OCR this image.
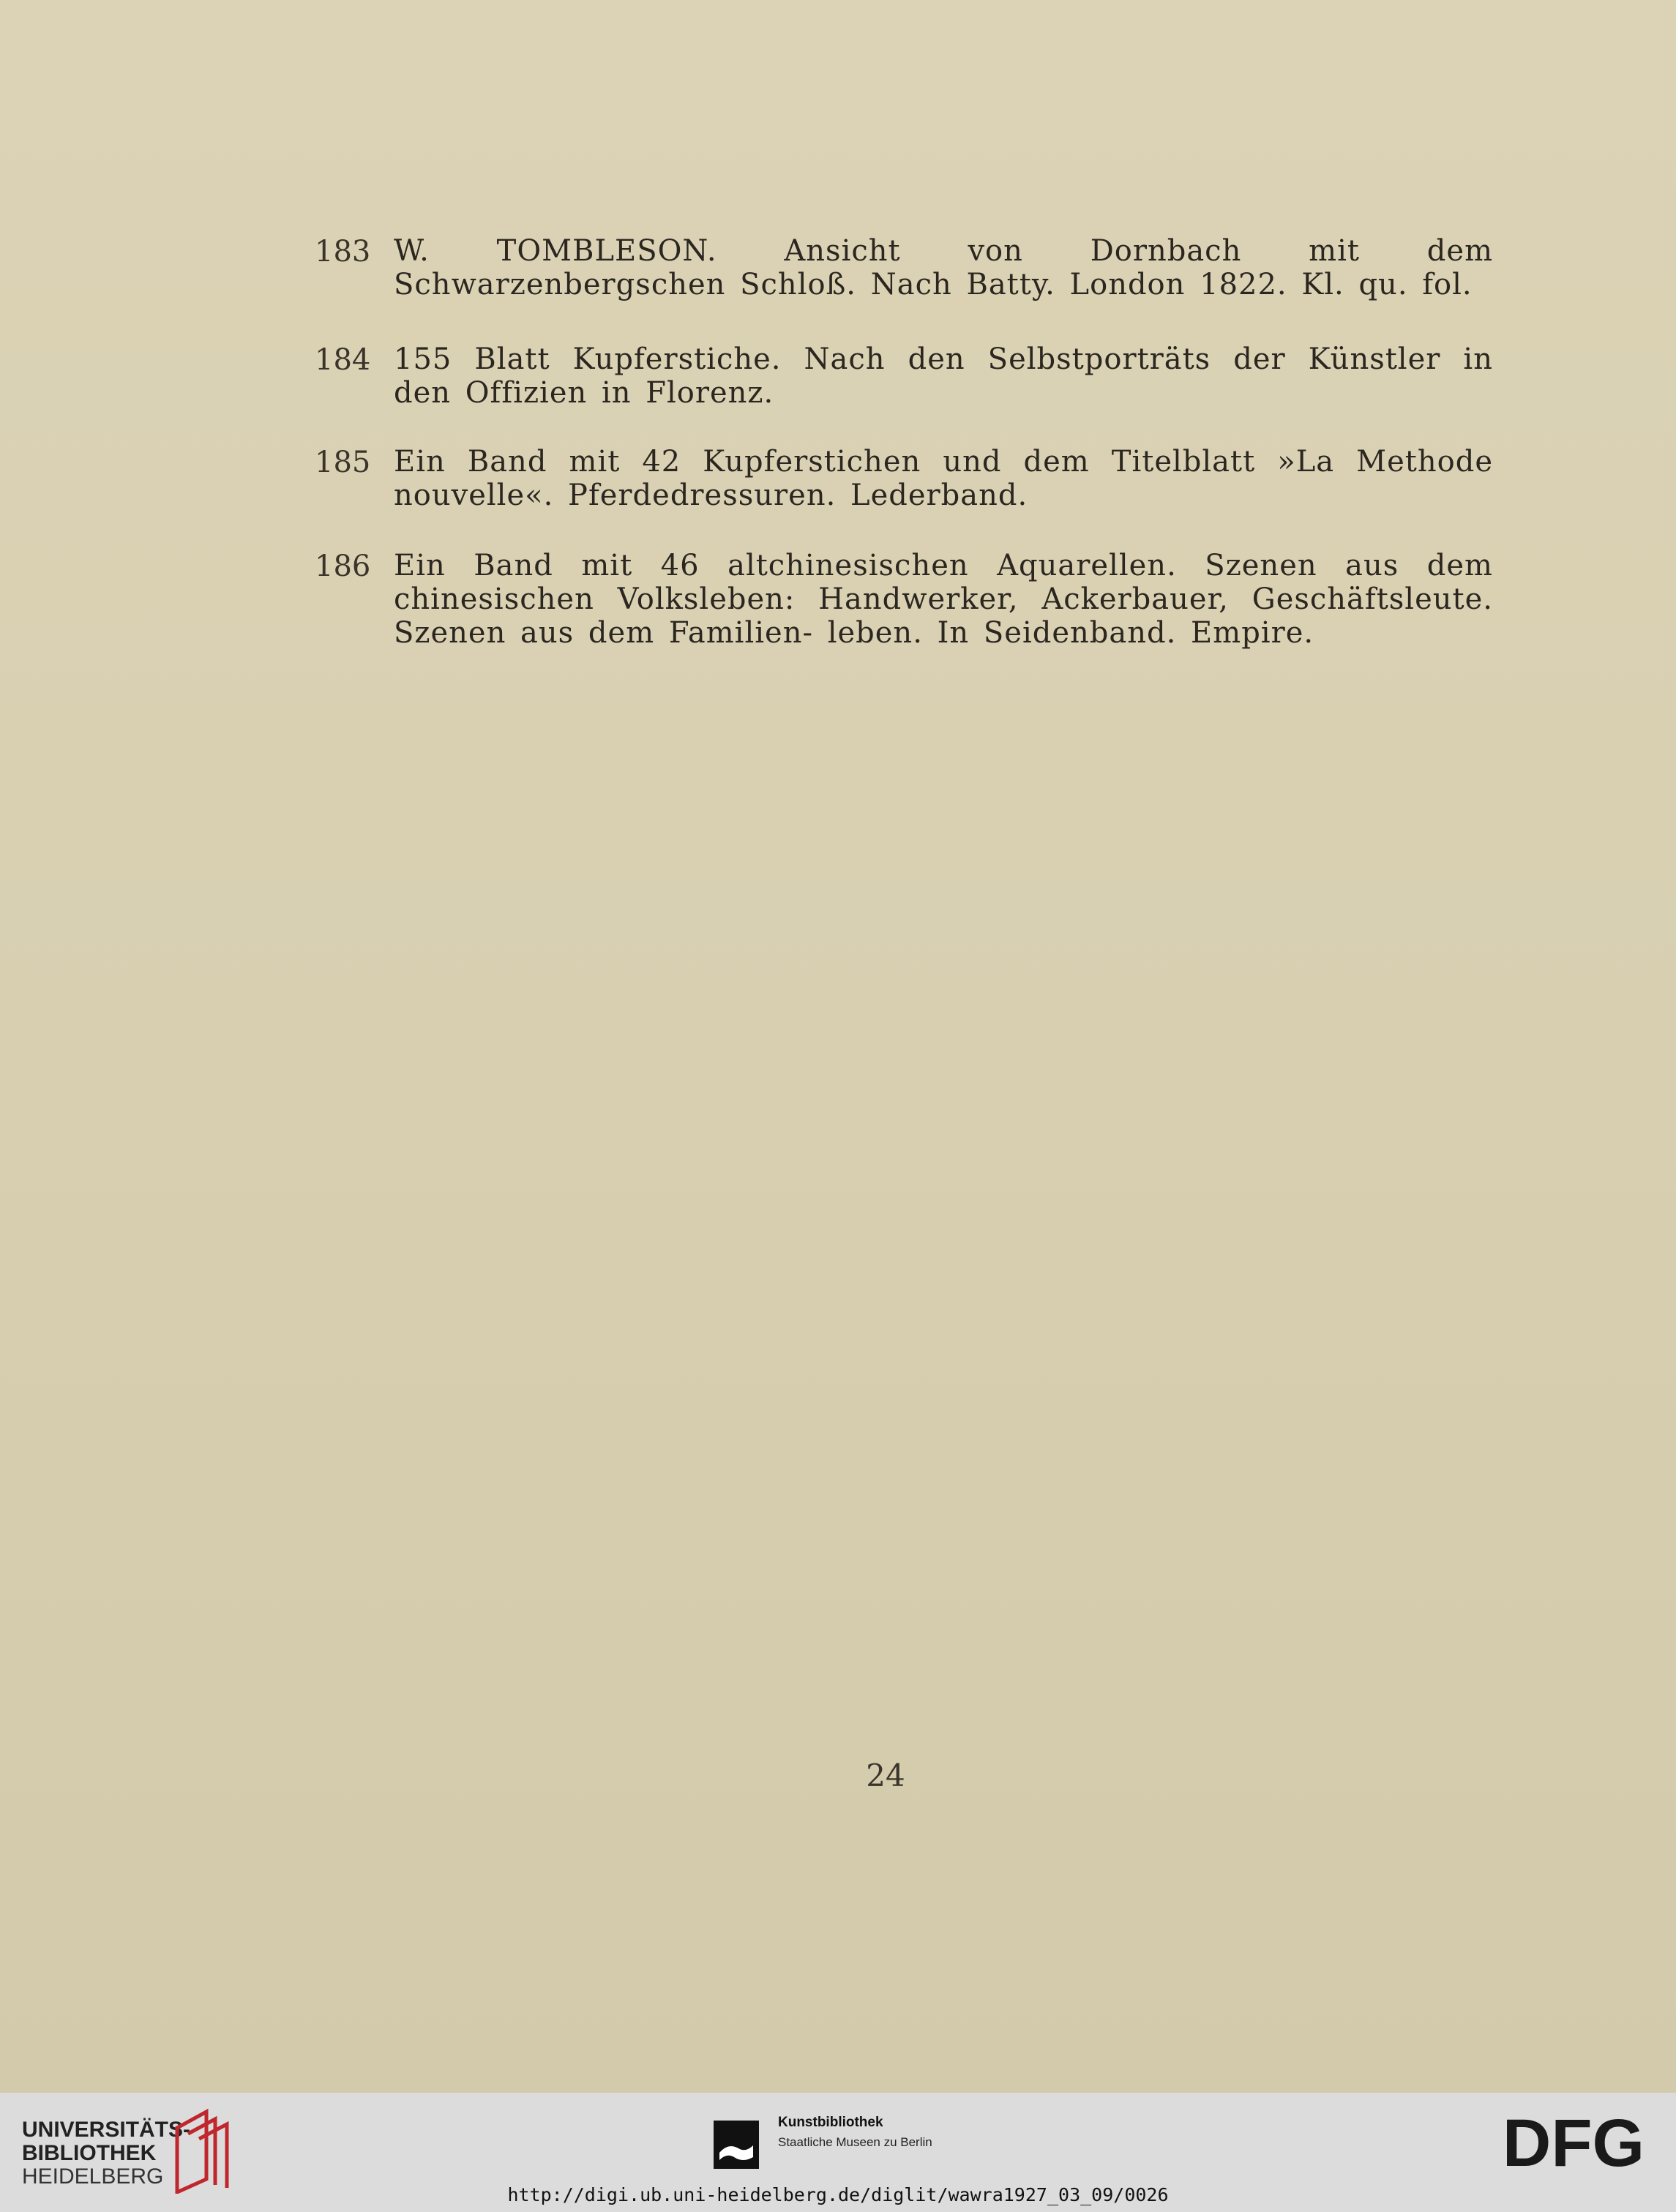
183 W. TOMBLESON. Ansicht von Dornbach mit dem Schwarzenbergschen Schloß. Nach Batty. London 1822. Kl. qu. fol.
184 155 Blatt Kupferstiche. Nach den Selbstporträts der Künstler in den Offizien in Florenz.
185 Ein Band mit 42 Kupferstichen und dem Titelblatt »La Methode nouvelle«. Pferdedressuren. Lederband.
186 Ein Band mit 46 altchinesischen Aquarellen. Szenen aus dem chinesischen Volksleben: Handwerker, Ackerbauer, Geschäftsleute. Szenen aus dem Familien- leben. In Seidenband. Empire.
24
UNIVERSITÄTS-
BIBLIOTHEK
HEIDELBERG
Kunstbibliothek
Staatliche Museen zu Berlin	DFG
http://digi.ub.uni-heidelberg.de/diglit/wawra1927_03_09/0026
